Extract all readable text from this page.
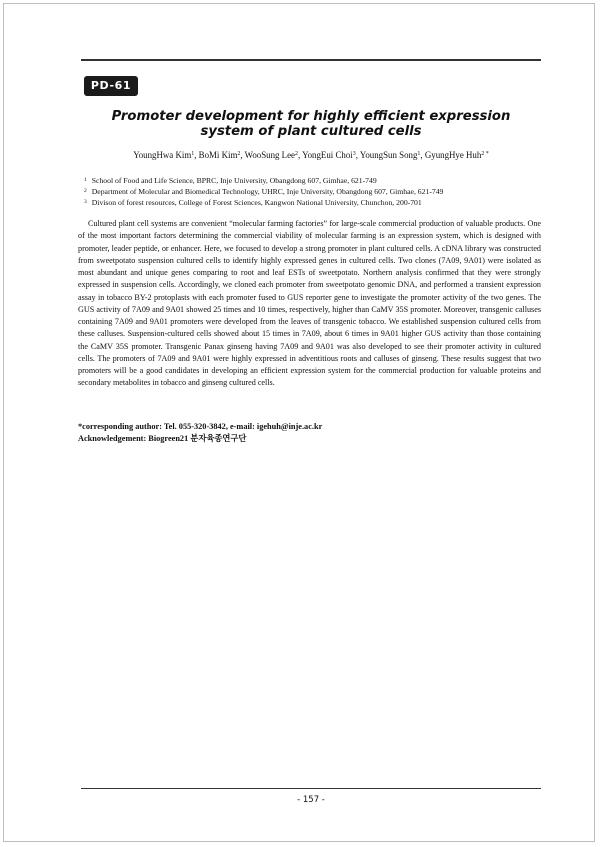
PD-61
Promoter development for highly efficient expression
system of plant cultured cells
YoungHwa Kim$^1$, BoMi Kim$^2$, WooSung Lee$^2$, YongEui Choi$^3$, YoungSun Song$^1$, GyungHye Huh$^{2 *}$
$^1$ School of Food and Life Science, BPRC, Inje University, Obangdong 607, Gimhae, 621-749
$^2$ Department of Molecular and Biomedical Technology, UHRC, Inje University, Obangdong 607, Gimhae, 621-749
$^3$ Divison of forest resources, College of Forest Sciences, Kangwon National University, Chunchon, 200-701
Cultured plant cell systems are convenient “molecular farming factories” for large-scale commercial production of valuable products. One of the most important factors determining the commercial viability of molecular farming is an expression system, which is designed with promoter, leader peptide, or enhancer. Here, we focused to develop a strong promoter in plant cultured cells. A cDNA library was constructed from sweetpotato suspension cultured cells to identify highly expressed genes in cultured cells. Two clones (7A09, 9A01) were isolated as most abundant and unique genes comparing to root and leaf ESTs of sweetpotato. Northern analysis confirmed that they were strongly expressed in suspension cells. Accordingly, we cloned each promoter from sweetpotato genomic DNA, and performed a transient expression assay in tobacco BY-2 protoplasts with each promoter fused to GUS reporter gene to investigate the promoter activity of the two genes. The GUS activity of 7A09 and 9A01 showed 25 times and 10 times, respectively, higher than CaMV 35S promoter. Moreover, transgenic calluses containing 7A09 and 9A01 promoters were developed from the leaves of transgenic tobacco. We established suspension cultured cells from these calluses. Suspension-cultured cells showed about 15 times in 7A09, about 6 times in 9A01 higher GUS activity than those containing the CaMV 35S promoter. Transgenic Panax ginseng having 7A09 and 9A01 was also developed to see their promoter activity in cultured cells. The promoters of 7A09 and 9A01 were highly expressed in adventitious roots and calluses of ginseng. These results suggest that two promoters will be a good candidates in developing an efficient expression system for the commercial production for valuable proteins and secondary metabolites in tobacco and ginseng cultured cells.
*corresponding author: Tel. 055-320-3842, e-mail: igehuh@inje.ac.kr
Acknowledgement: Biogreen21 분자육종연구단
- 157 -
